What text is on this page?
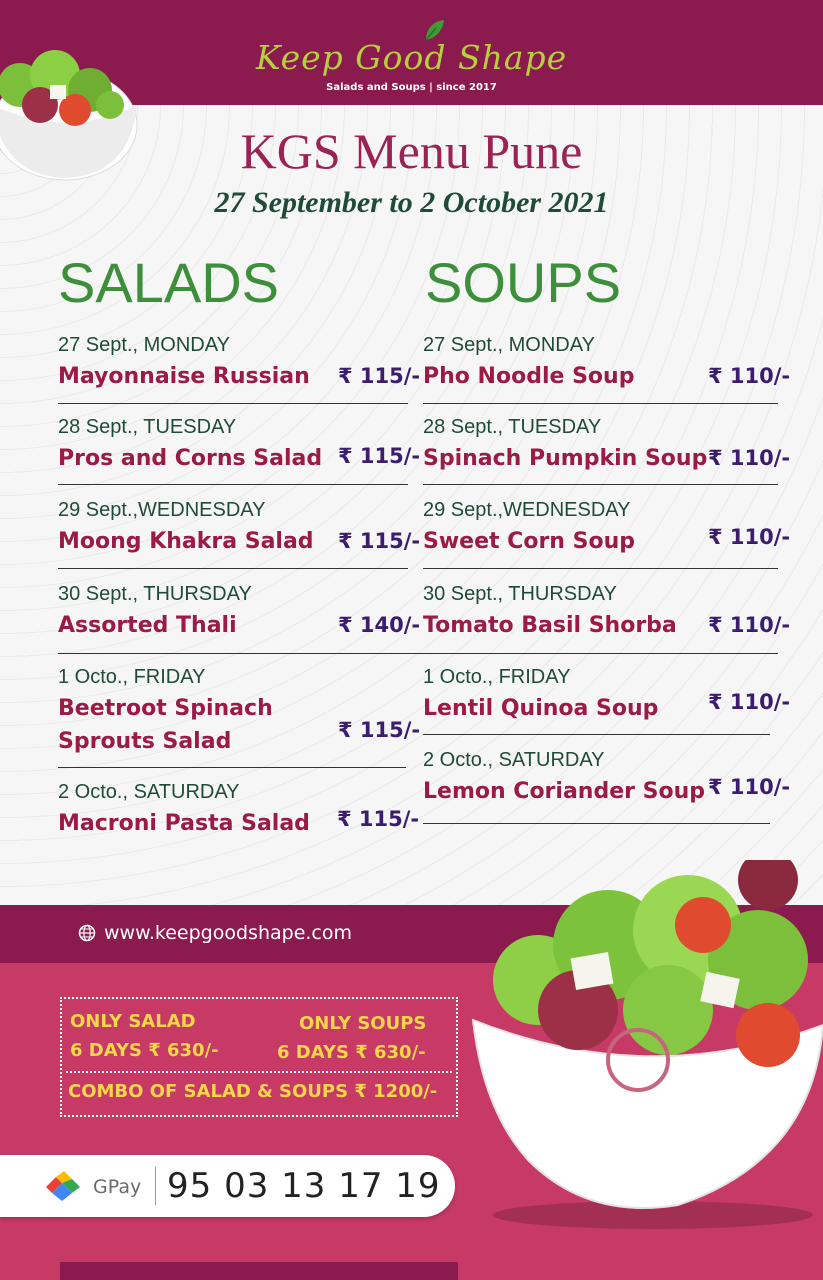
Keep Good Shape
Salads and Soups | since 2017
KGS Menu Pune
27 September to 2 October 2021
SALADS	SOUPS
27 Sept., MONDAY
Mayonnaise Russian ₹ 115/-
28 Sept., TUESDAY
Pros and Corns Salad ₹ 115/-
29 Sept.,WEDNESDAY
Moong Khakra Salad ₹ 115/-
30 Sept., THURSDAY
Assorted Thali	₹ 140/-
1 Octo., FRIDAY
Beetroot Spinach
Sprouts Salad	₹ 115/-
2 Octo., SATURDAY
Macroni Pasta Salad ₹ 115/-
27 Sept., MONDAY
Pho Noodle Soup	₹ 110/-
28 Sept., TUESDAY
Spinach Pumpkin Soup ₹ 110/-
29 Sept.,WEDNESDAY
Sweet Corn Soup	₹ 110/-
30 Sept., THURSDAY
Tomato Basil Shorba ₹ 110/-
1 Octo., FRIDAY
Lentil Quinoa Soup ₹ 110/-
2 Octo., SATURDAY
Lemon Coriander Soup ₹ 110/-
www.keepgoodshape.com
ONLY SALAD
6 DAYS ₹ 630/-
ONLY SOUPS
6 DAYS ₹ 630/-
COMBO OF SALAD & SOUPS ₹ 1200/-
GPay 95 03 13 17 19
